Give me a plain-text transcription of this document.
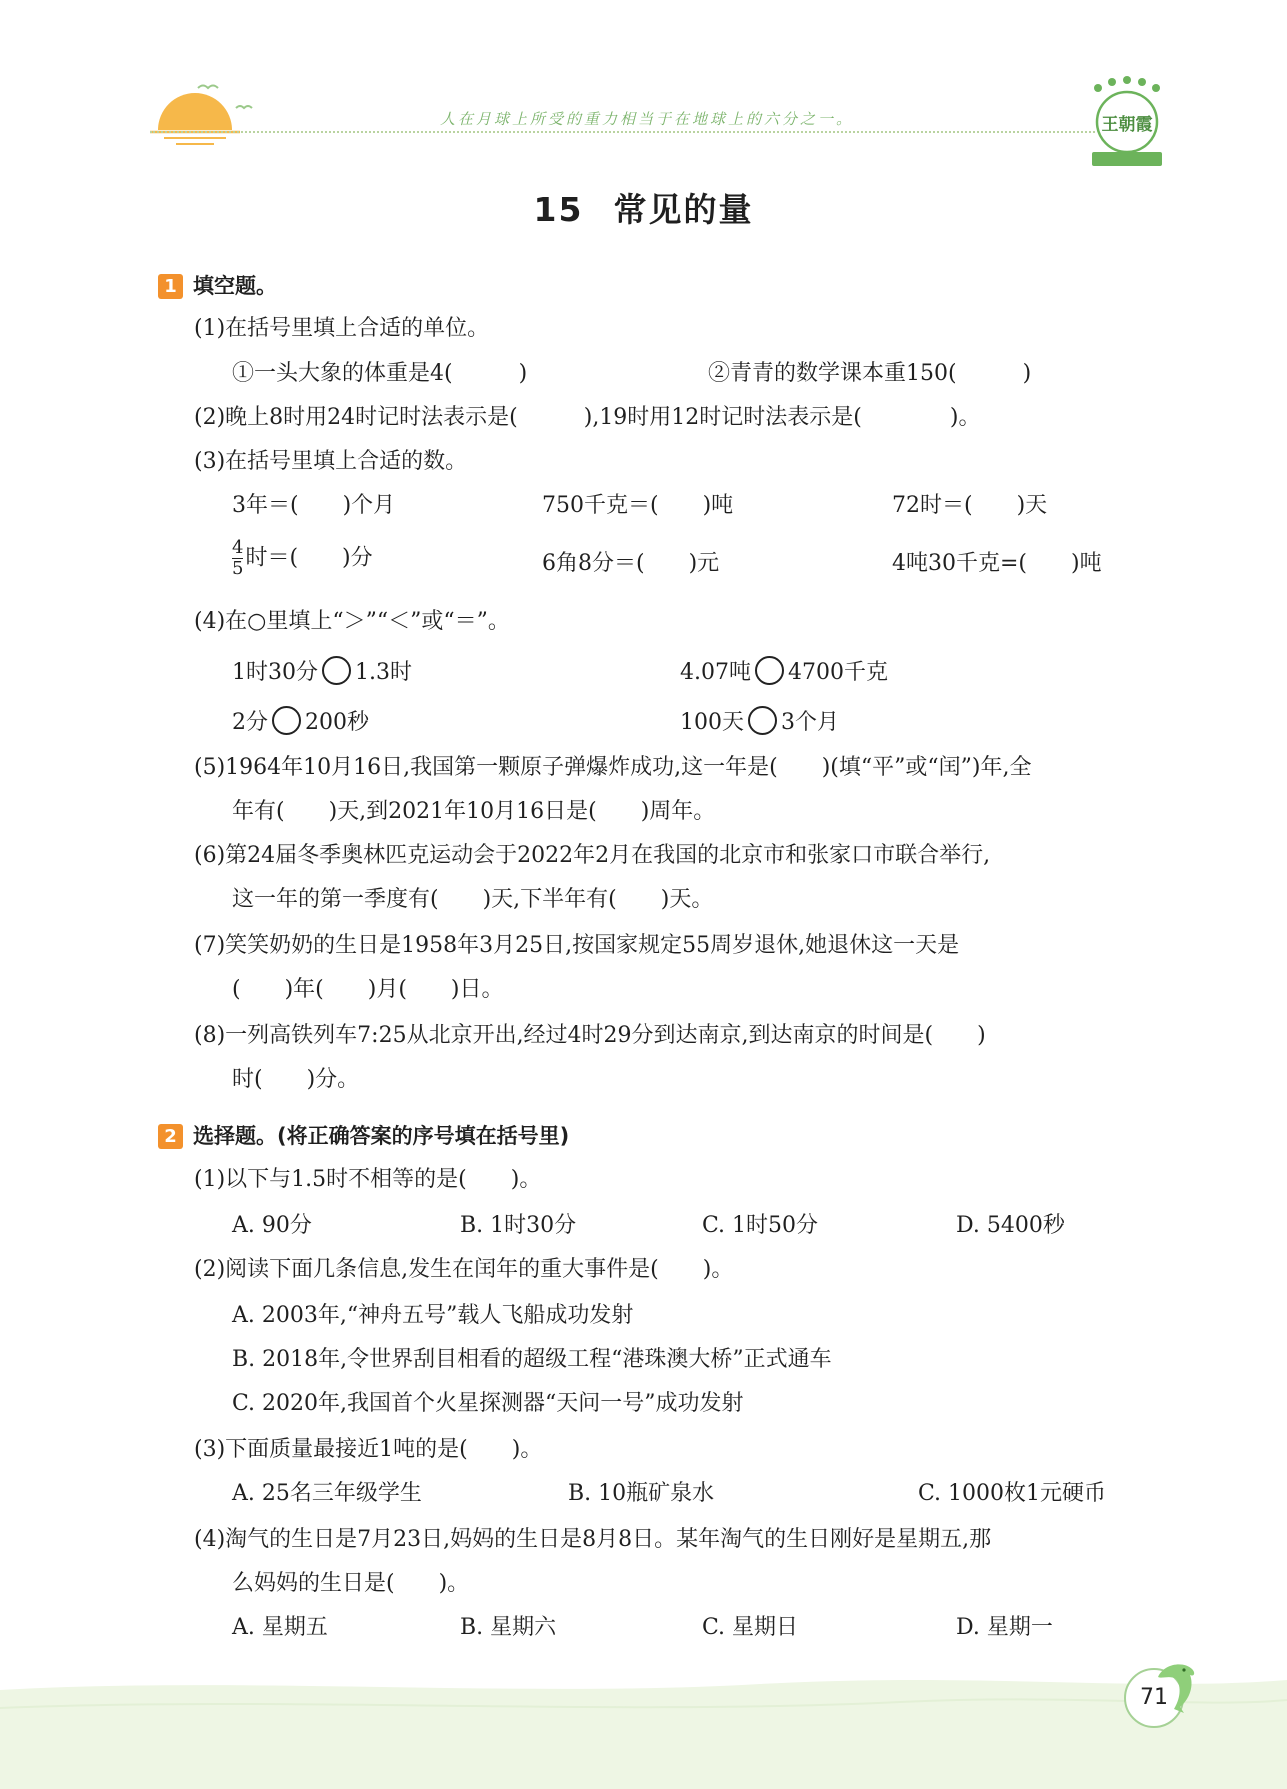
人在月球上所受的重力相当于在地球上的六分之一。	王朝霞
15 常见的量
1 填空题。
(1)在括号里填上合适的单位。
①一头大象的体重是4(　　　)	②青青的数学课本重150(　　　)
(2)晚上8时用24时记时法表示是(　　　),19时用12时记时法表示是(　　　　)。
(3)在括号里填上合适的数。
3年＝(　　)个月	750千克＝(　　)吨	72时＝(　　)天
$\frac{4}{5}$ 时＝(　　)分	6角8分＝(　　)元	4吨30千克=(　　)吨
(4)在○里填上“＞”“＜”或“＝”。
1时30分 1.3时	4.07吨 4700千克
2分 200秒	100天 3个月
(5)1964年10月16日,我国第一颗原子弹爆炸成功,这一年是(　　)(填“平”或“闰”)年,全
年有(　　)天,到2021年10月16日是(　　)周年。
(6)第24届冬季奥林匹克运动会于2022年2月在我国的北京市和张家口市联合举行,
这一年的第一季度有(　　)天,下半年有(　　)天。
(7)笑笑奶奶的生日是1958年3月25日,按国家规定55周岁退休,她退休这一天是
(　　)年(　　)月(　　)日。
(8)一列高铁列车7:25从北京开出,经过4时29分到达南京,到达南京的时间是(　　)
时(　　)分。
2 选择题。(将正确答案的序号填在括号里)
(1)以下与1.5时不相等的是(　　)。
A. 90分	B. 1时30分	C. 1时50分	D. 5400秒
(2)阅读下面几条信息,发生在闰年的重大事件是(　　)。
A. 2003年,“神舟五号”载人飞船成功发射
B. 2018年,令世界刮目相看的超级工程“港珠澳大桥”正式通车
C. 2020年,我国首个火星探测器“天问一号”成功发射
(3)下面质量最接近1吨的是(　　)。
A. 25名三年级学生	B. 10瓶矿泉水	C. 1000枚1元硬币
(4)淘气的生日是7月23日,妈妈的生日是8月8日。某年淘气的生日刚好是星期五,那
么妈妈的生日是(　　)。
A. 星期五	B. 星期六	C. 星期日	D. 星期一
71
